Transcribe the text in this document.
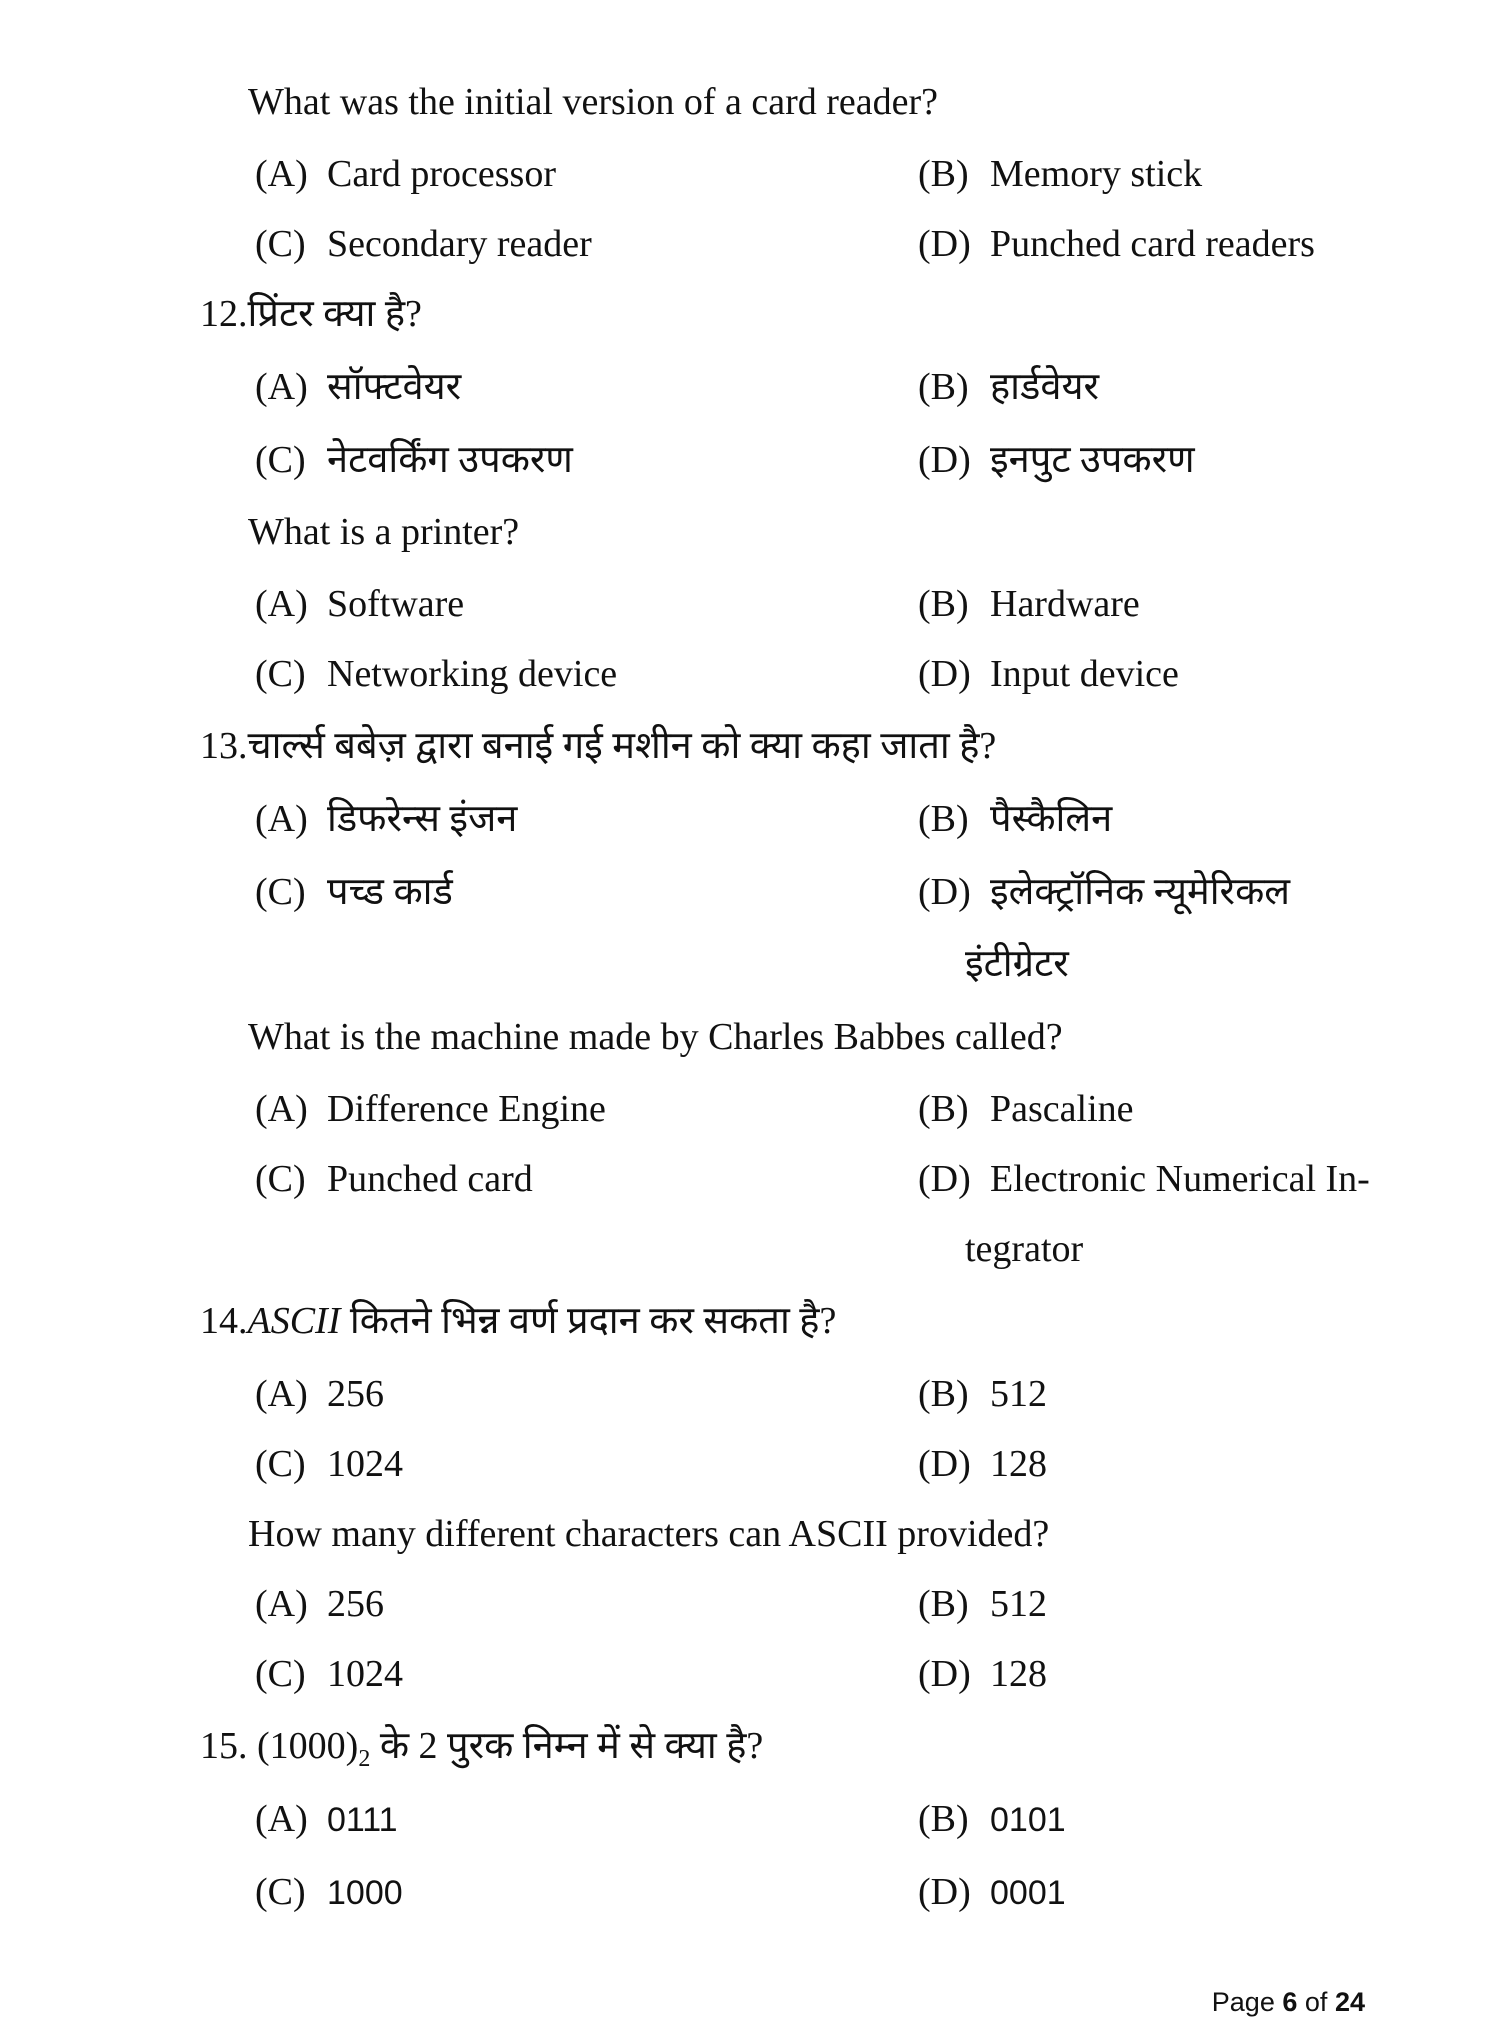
What was the initial version of a card reader?
(A) Card processor	(B) Memory stick
(C) Secondary reader	(D) Punched card readers
12.प्रिंटर क्या है?
(A) सॉफ्टवेयर	(B) हार्डवेयर
(C) नेटवर्किंग उपकरण	(D) इनपुट उपकरण
What is a printer?
(A) Software	(B) Hardware
(C) Networking device	(D) Input device
13.चार्ल्स बबेज़ द्वारा बनाई गई मशीन को क्या कहा जाता है?
(A) डिफरेन्स इंजन	(B) पैस्कैलिन
(C) पच्ड कार्ड	(D) इलेक्ट्रॉनिक न्यूमेरिकल
इंटीग्रेटर
What is the machine made by Charles Babbes called?
(A) Difference Engine	(B) Pascaline
(C) Punched card	(D) Electronic Numerical In-
tegrator
14.ASCII कितने भिन्न वर्ण प्रदान कर सकता है?
(A) 256	(B) 512
(C) 1024	(D) 128
How many different characters can ASCII provided?
(A) 256	(B) 512
(C) 1024	(D) 128
15. $(1000)_2$ के 2 पुरक निम्न में से क्या है?
(A) 0111	(B) 0101
(C) 1000	(D) 0001
Page 6 of 24
